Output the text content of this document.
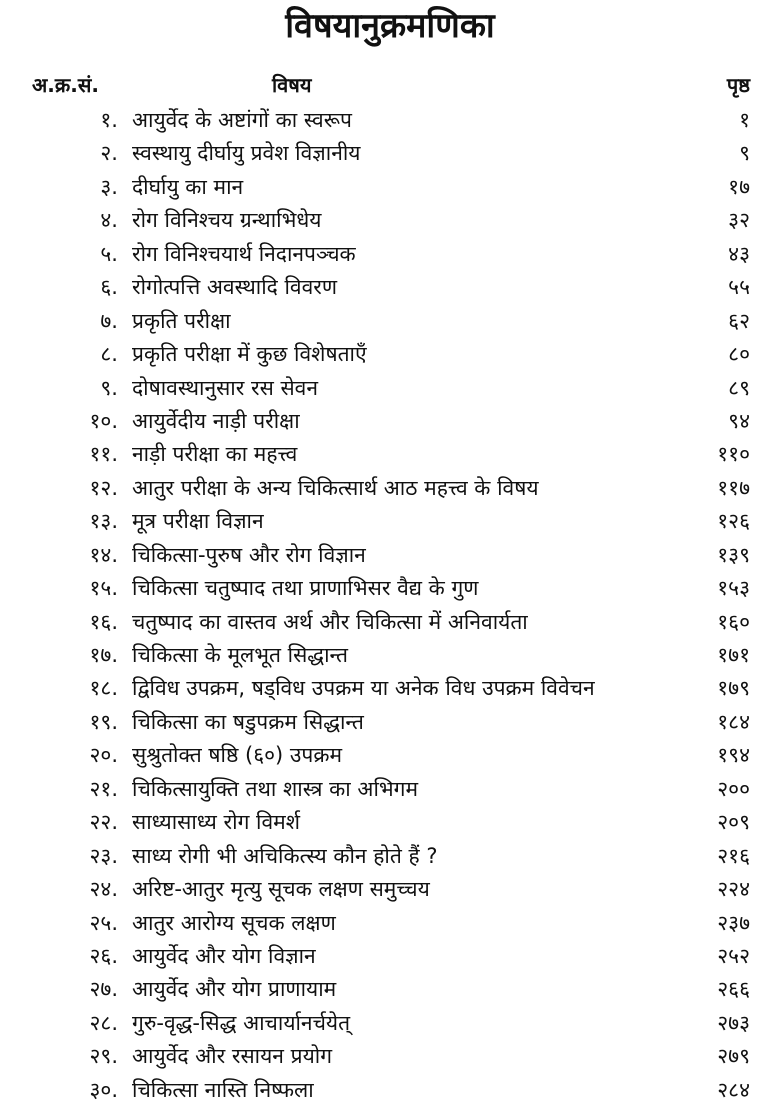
विषयानुक्रमणिका
अ.क्र.सं.	विषय	पृष्ठ
१. आयुर्वेद के अष्टांगों का स्वरूप	१
२. स्वस्थायु दीर्घायु प्रवेश विज्ञानीय	९
३. दीर्घायु का मान	१७
४. रोग विनिश्चय ग्रन्थाभिधेय	३२
५. रोग विनिश्चयार्थ निदानपञ्चक	४३
६. रोगोत्पत्ति अवस्थादि विवरण	५५
७. प्रकृति परीक्षा	६२
८. प्रकृति परीक्षा में कुछ विशेषताएँ	८०
९. दोषावस्थानुसार रस सेवन	८९
१०. आयुर्वेदीय नाड़ी परीक्षा	९४
११. नाड़ी परीक्षा का महत्त्व	११०
१२. आतुर परीक्षा के अन्य चिकित्सार्थ आठ महत्त्व के विषय	११७
१३. मूत्र परीक्षा विज्ञान	१२६
१४. चिकित्सा-पुरुष और रोग विज्ञान	१३९
१५. चिकित्सा चतुष्पाद तथा प्राणाभिसर वैद्य के गुण	१५३
१६. चतुष्पाद का वास्तव अर्थ और चिकित्सा में अनिवार्यता	१६०
१७. चिकित्सा के मूलभूत सिद्धान्त	१७१
१८. द्विविध उपक्रम, षड्विध उपक्रम या अनेक विध उपक्रम विवेचन	१७९
१९. चिकित्सा का षडुपक्रम सिद्धान्त	१८४
२०. सुश्रुतोक्त षष्ठि (६०) उपक्रम	१९४
२१. चिकित्सायुक्ति तथा शास्त्र का अभिगम	२००
२२. साध्यासाध्य रोग विमर्श	२०९
२३. साध्य रोगी भी अचिकित्स्य कौन होते हैं ?	२१६
२४. अरिष्ट-आतुर मृत्यु सूचक लक्षण समुच्चय	२२४
२५. आतुर आरोग्य सूचक लक्षण	२३७
२६. आयुर्वेद और योग विज्ञान	२५२
२७. आयुर्वेद और योग प्राणायाम	२६६
२८. गुरु-वृद्ध-सिद्ध आचार्यानर्चयेत्	२७३
२९. आयुर्वेद और रसायन प्रयोग	२७९
३०. चिकित्सा नास्ति निष्फला	२८४
